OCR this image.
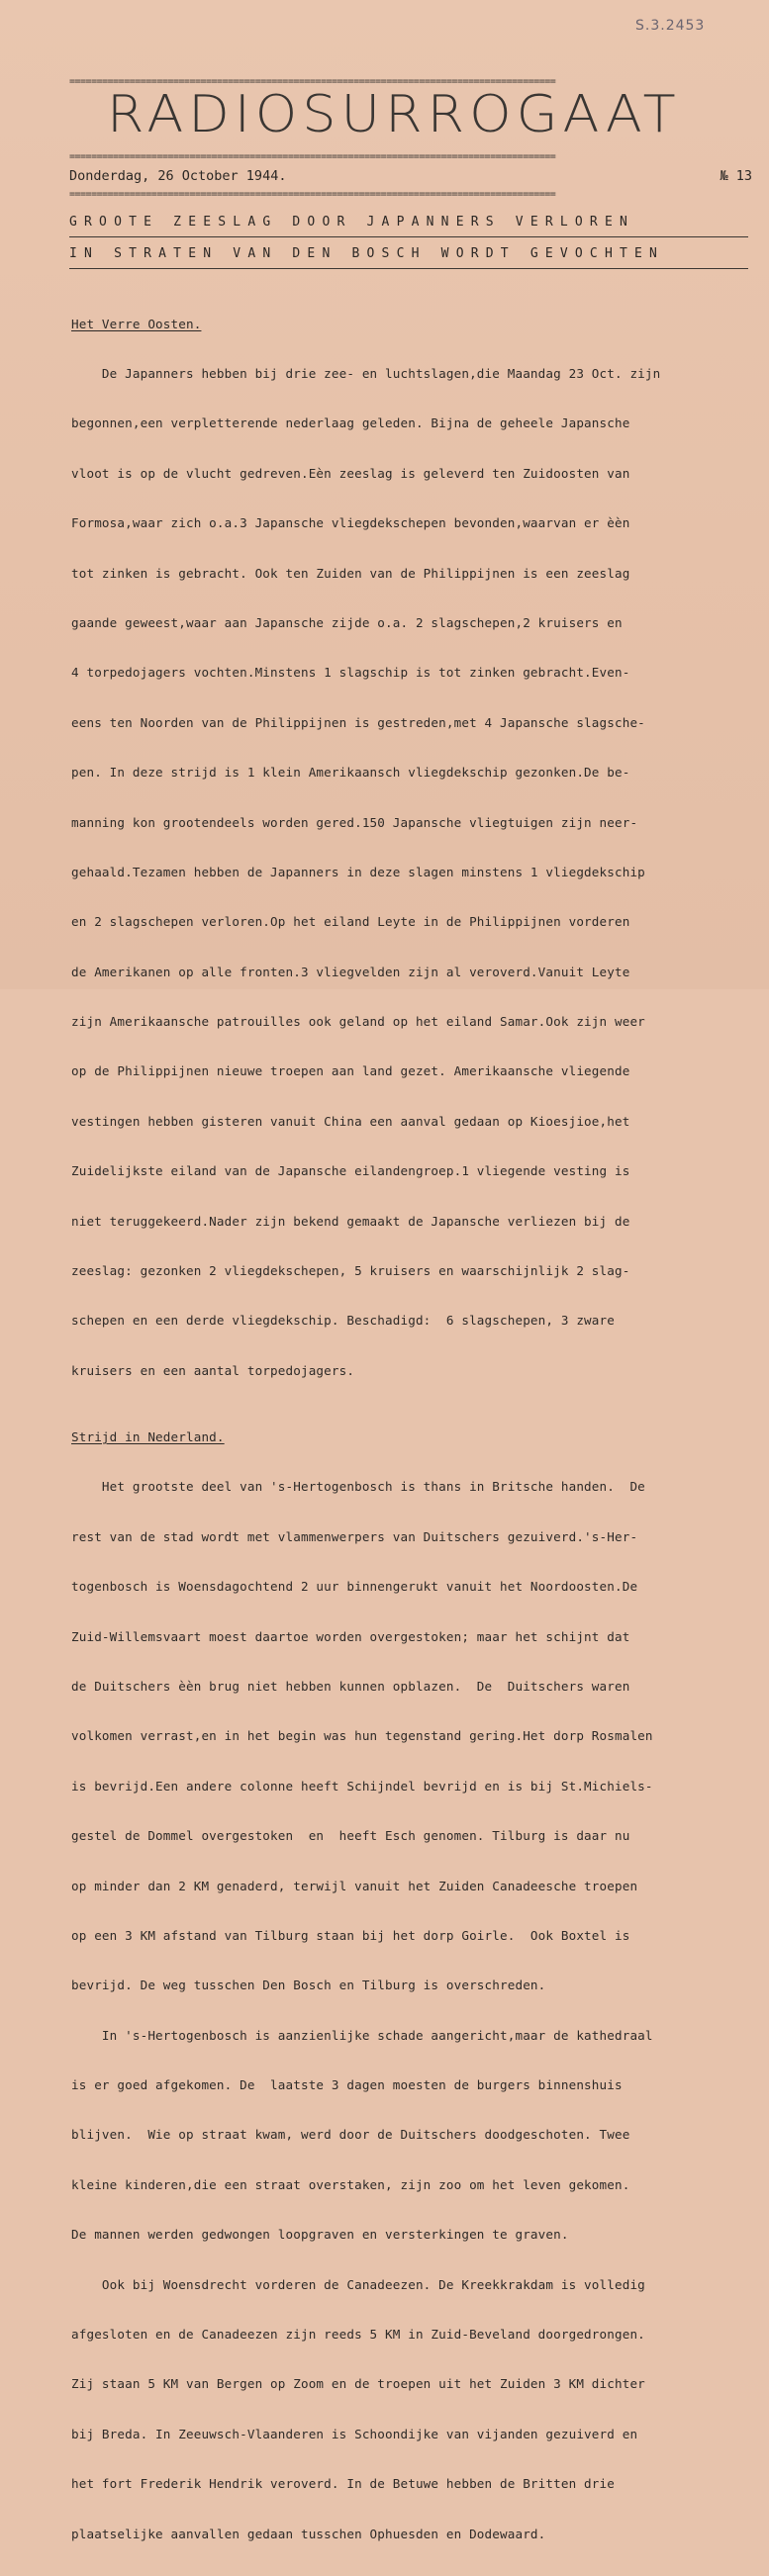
S.3.2453
=========================================================================================
RADIOSURROGAAT
=========================================================================================
Donderdag, 26 October 1944.	№ 13
=========================================================================================
GROOTE ZEESLAG DOOR JAPANNERS VERLOREN
IN STRATEN VAN DEN BOSCH WORDT GEVOCHTEN

Het Verre Oosten.

De Japanners hebben bij drie zee- en luchtslagen,die Maandag 23 Oct. zijn

begonnen,een verpletterende nederlaag geleden. Bijna de geheele Japansche

vloot is op de vlucht gedreven.Eèn zeeslag is geleverd ten Zuidoosten van

Formosa,waar zich o.a.3 Japansche vliegdekschepen bevonden,waarvan er èèn

tot zinken is gebracht. Ook ten Zuiden van de Philippijnen is een zeeslag

gaande geweest,waar aan Japansche zijde o.a. 2 slagschepen,2 kruisers en

4 torpedojagers vochten.Minstens 1 slagschip is tot zinken gebracht.Even-

eens ten Noorden van de Philippijnen is gestreden,met 4 Japansche slagsche-

pen. In deze strijd is 1 klein Amerikaansch vliegdekschip gezonken.De be-

manning kon grootendeels worden gered.150 Japansche vliegtuigen zijn neer-

gehaald.Tezamen hebben de Japanners in deze slagen minstens 1 vliegdekschip

en 2 slagschepen verloren.Op het eiland Leyte in de Philippijnen vorderen

de Amerikanen op alle fronten.3 vliegvelden zijn al veroverd.Vanuit Leyte

zijn Amerikaansche patrouilles ook geland op het eiland Samar.Ook zijn weer

op de Philippijnen nieuwe troepen aan land gezet. Amerikaansche vliegende

vestingen hebben gisteren vanuit China een aanval gedaan op Kioesjioe,het

Zuidelijkste eiland van de Japansche eilandengroep.1 vliegende vesting is

niet teruggekeerd.Nader zijn bekend gemaakt de Japansche verliezen bij de

zeeslag: gezonken 2 vliegdekschepen, 5 kruisers en waarschijnlijk 2 slag-

schepen en een derde vliegdekschip. Beschadigd:  6 slagschepen, 3 zware

kruisers en een aantal torpedojagers.

Strijd in Nederland.

Het grootste deel van 's-Hertogenbosch is thans in Britsche handen.  De

rest van de stad wordt met vlammenwerpers van Duitschers gezuiverd.'s-Her-

togenbosch is Woensdagochtend 2 uur binnengerukt vanuit het Noordoosten.De

Zuid-Willemsvaart moest daartoe worden overgestoken; maar het schijnt dat

de Duitschers èèn brug niet hebben kunnen opblazen.  De  Duitschers waren

volkomen verrast,en in het begin was hun tegenstand gering.Het dorp Rosmalen

is bevrijd.Een andere colonne heeft Schijndel bevrijd en is bij St.Michiels-

gestel de Dommel overgestoken  en  heeft Esch genomen. Tilburg is daar nu

op minder dan 2 KM genaderd, terwijl vanuit het Zuiden Canadeesche troepen

op een 3 KM afstand van Tilburg staan bij het dorp Goirle.  Ook Boxtel is

bevrijd. De weg tusschen Den Bosch en Tilburg is overschreden.

In 's-Hertogenbosch is aanzienlijke schade aangericht,maar de kathedraal

is er goed afgekomen. De  laatste 3 dagen moesten de burgers binnenshuis

blijven.  Wie op straat kwam, werd door de Duitschers doodgeschoten. Twee

kleine kinderen,die een straat overstaken, zijn zoo om het leven gekomen.

De mannen werden gedwongen loopgraven en versterkingen te graven.

Ook bij Woensdrecht vorderen de Canadeezen. De Kreekkrakdam is volledig

afgesloten en de Canadeezen zijn reeds 5 KM in Zuid-Beveland doorgedrongen.

Zij staan 5 KM van Bergen op Zoom en de troepen uit het Zuiden 3 KM dichter

bij Breda. In Zeeuwsch-Vlaanderen is Schoondijke van vijanden gezuiverd en

het fort Frederik Hendrik veroverd. In de Betuwe hebben de Britten drie

plaatselijke aanvallen gedaan tusschen Ophuesden en Dodewaard.
